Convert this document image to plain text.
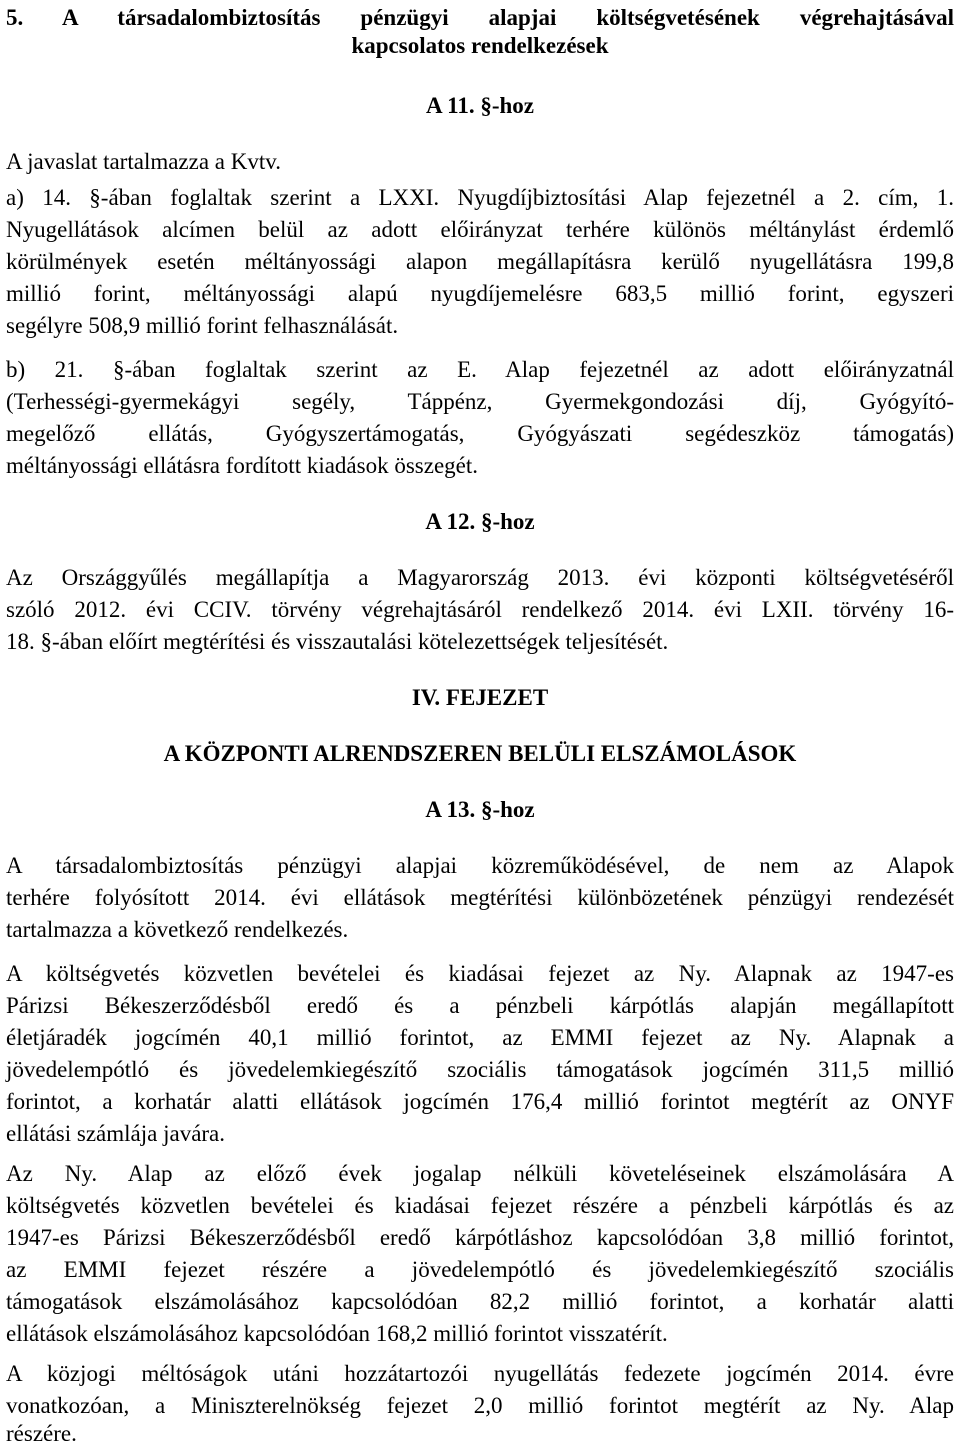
5. A társadalombiztosítás pénzügyi alapjai költségvetésének végrehajtásával
kapcsolatos rendelkezések
A 11. §-hoz
A javaslat tartalmazza a Kvtv.
a) 14. §-ában foglaltak szerint a LXXI. Nyugdíjbiztosítási Alap fejezetnél a 2. cím, 1.
Nyugellátások alcímen belül az adott előirányzat terhére különös méltánylást érdemlő
körülmények esetén méltányossági alapon megállapításra kerülő nyugellátásra 199,8
millió forint, méltányossági alapú nyugdíjemelésre 683,5 millió forint, egyszeri
segélyre 508,9 millió forint felhasználását.
b) 21. §-ában foglaltak szerint az E. Alap fejezetnél az adott előirányzatnál
(Terhességi-gyermekágyi segély, Táppénz, Gyermekgondozási díj, Gyógyító-
megelőző ellátás, Gyógyszertámogatás, Gyógyászati segédeszköz támogatás)
méltányossági ellátásra fordított kiadások összegét.
A 12. §-hoz
Az Országgyűlés megállapítja a Magyarország 2013. évi központi költségvetéséről
szóló 2012. évi CCIV. törvény végrehajtásáról rendelkező 2014. évi LXII. törvény 16-
18. §-ában előírt megtérítési és visszautalási kötelezettségek teljesítését.
IV. FEJEZET
A KÖZPONTI ALRENDSZEREN BELÜLI ELSZÁMOLÁSOK
A 13. §-hoz
A társadalombiztosítás pénzügyi alapjai közreműködésével, de nem az Alapok
terhére folyósított 2014. évi ellátások megtérítési különbözetének pénzügyi rendezését
tartalmazza a következő rendelkezés.
A költségvetés közvetlen bevételei és kiadásai fejezet az Ny. Alapnak az 1947-es
Párizsi Békeszerződésből eredő és a pénzbeli kárpótlás alapján megállapított
életjáradék jogcímén 40,1 millió forintot, az EMMI fejezet az Ny. Alapnak a
jövedelempótló és jövedelemkiegészítő szociális támogatások jogcímén 311,5 millió
forintot, a korhatár alatti ellátások jogcímén 176,4 millió forintot megtérít az ONYF
ellátási számlája javára.
Az Ny. Alap az előző évek jogalap nélküli követeléseinek elszámolására A
költségvetés közvetlen bevételei és kiadásai fejezet részére a pénzbeli kárpótlás és az
1947-es Párizsi Békeszerződésből eredő kárpótláshoz kapcsolódóan 3,8 millió forintot,
az EMMI fejezet részére a jövedelempótló és jövedelemkiegészítő szociális
támogatások elszámolásához kapcsolódóan 82,2 millió forintot, a korhatár alatti
ellátások elszámolásához kapcsolódóan 168,2 millió forintot visszatérít.
A közjogi méltóságok utáni hozzátartozói nyugellátás fedezete jogcímén 2014. évre
vonatkozóan, a Miniszterelnökség fejezet 2,0 millió forintot megtérít az Ny. Alap
részére.
